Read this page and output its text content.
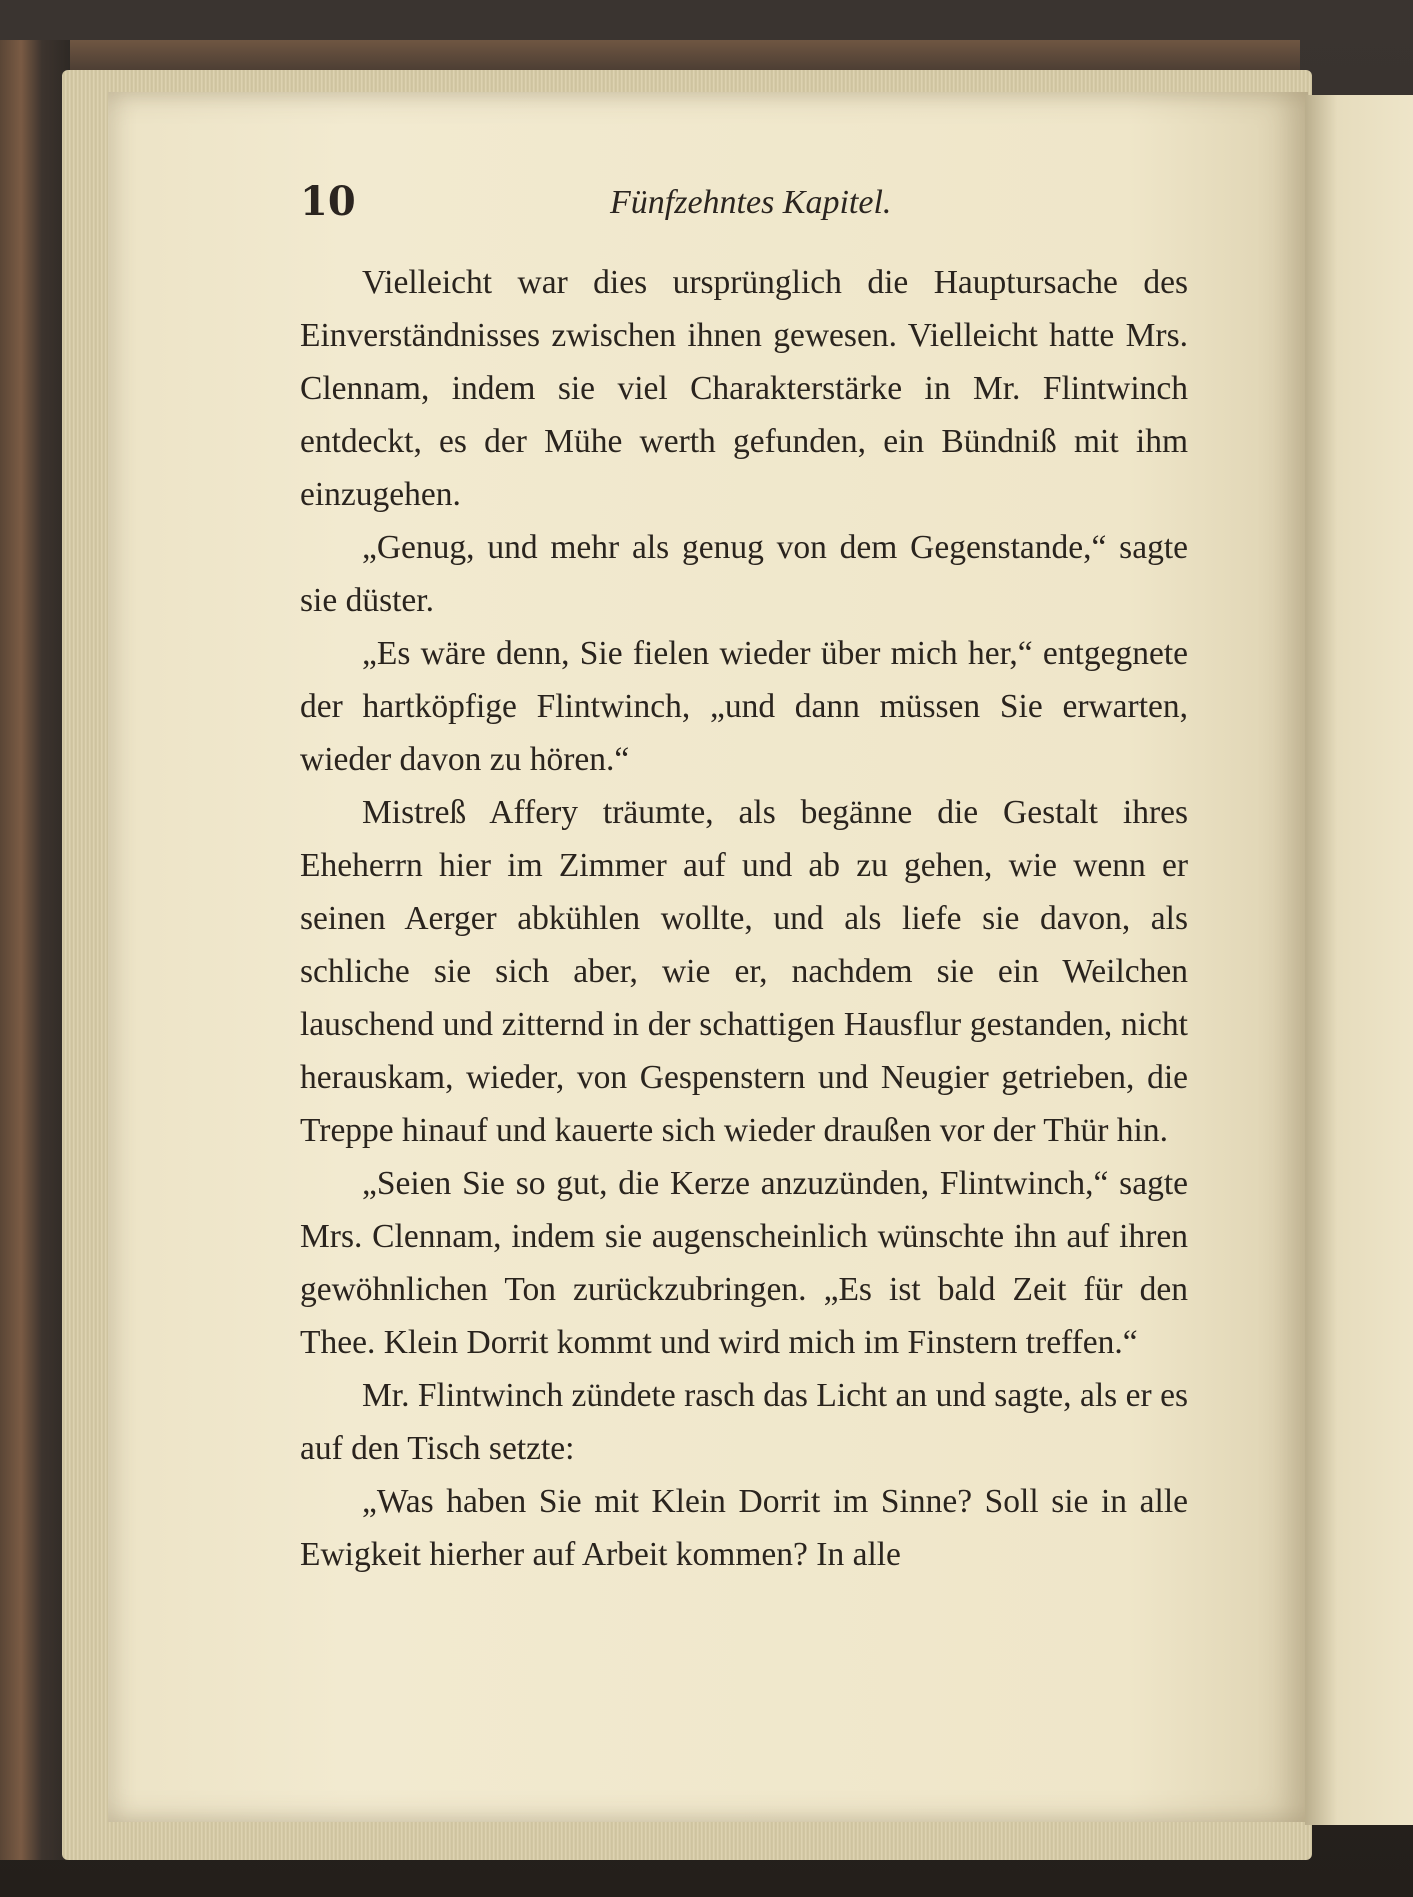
10	Fünfzehntes Kapitel.

Vielleicht war dies ursprünglich die Hauptursache des Einverständnisses zwischen ihnen gewesen. Vielleicht hatte Mrs. Clennam, indem sie viel Charakterstärke in Mr. Flintwinch entdeckt, es der Mühe werth gefunden, ein Bündniß mit ihm einzugehen.

„Genug, und mehr als genug von dem Gegenstande,“ sagte sie düster.

„Es wäre denn, Sie fielen wieder über mich her,“ entgegnete der hartköpfige Flintwinch, „und dann müssen Sie erwarten, wieder davon zu hören.“

Mistreß Affery träumte, als begänne die Gestalt ihres Eheherrn hier im Zimmer auf und ab zu gehen, wie wenn er seinen Aerger abkühlen wollte, und als liefe sie davon, als schliche sie sich aber, wie er, nachdem sie ein Weilchen lauschend und zitternd in der schattigen Hausflur gestanden, nicht herauskam, wieder, von Gespenstern und Neugier getrieben, die Treppe hinauf und kauerte sich wieder draußen vor der Thür hin.

„Seien Sie so gut, die Kerze anzuzünden, Flintwinch,“ sagte Mrs. Clennam, indem sie augenscheinlich wünschte ihn auf ihren gewöhnlichen Ton zurückzubringen. „Es ist bald Zeit für den Thee. Klein Dorrit kommt und wird mich im Finstern treffen.“

Mr. Flintwinch zündete rasch das Licht an und sagte, als er es auf den Tisch setzte:

„Was haben Sie mit Klein Dorrit im Sinne? Soll sie in alle Ewigkeit hierher auf Arbeit kommen? In alle
